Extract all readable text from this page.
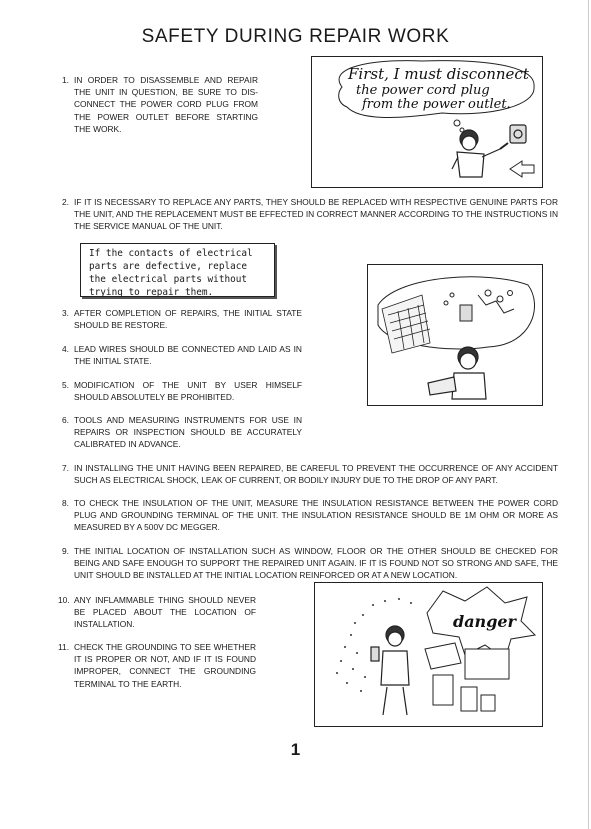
SAFETY DURING REPAIR WORK
1. IN ORDER TO DISASSEMBLE AND REPAIR THE UNIT IN QUESTION, BE SURE TO DIS-CONNECT THE POWER CORD PLUG FROM THE POWER OUTLET BEFORE STARTING THE WORK.
First, I must disconnect
the power cord plug
from the power outlet.
2. IF IT IS NECESSARY TO REPLACE ANY PARTS, THEY SHOULD BE REPLACED WITH RESPECTIVE GENUINE PARTS FOR THE UNIT, AND THE REPLACEMENT MUST BE EFFECTED IN CORRECT MANNER ACCORDING TO THE INSTRUCTIONS IN THE SERVICE MANUAL OF THE UNIT.
If the contacts of electrical
parts are defective, replace
the electrical parts without
trying to repair them.
3. AFTER COMPLETION OF REPAIRS, THE INITIAL STATE SHOULD BE RESTORE.
4. LEAD WIRES SHOULD BE CONNECTED AND LAID AS IN THE INITIAL STATE.
5. MODIFICATION OF THE UNIT BY USER HIMSELF SHOULD ABSOLUTELY BE PROHIBITED.
6. TOOLS AND MEASURING INSTRUMENTS FOR USE IN REPAIRS OR INSPECTION SHOULD BE ACCURATELY CALIBRATED IN ADVANCE.
7. IN INSTALLING THE UNIT HAVING BEEN REPAIRED, BE CAREFUL TO PREVENT THE OCCURRENCE OF ANY ACCIDENT SUCH AS ELECTRICAL SHOCK, LEAK OF CURRENT, OR BODILY INJURY DUE TO THE DROP OF ANY PART.
8. TO CHECK THE INSULATION OF THE UNIT, MEASURE THE INSULATION RESISTANCE BETWEEN THE POWER CORD PLUG AND GROUNDING TERMINAL OF THE UNIT. THE INSULATION RESISTANCE SHOULD BE 1M OHM OR MORE AS MEASURED BY A 500V DC MEGGER.
9. THE INITIAL LOCATION OF INSTALLATION SUCH AS WINDOW, FLOOR OR THE OTHER SHOULD BE CHECKED FOR BEING AND SAFE ENOUGH TO SUPPORT THE REPAIRED UNIT AGAIN. IF IT IS FOUND NOT SO STRONG AND SAFE, THE UNIT SHOULD BE INSTALLED AT THE INITIAL LOCATION REINFORCED OR AT A NEW LOCATION.
10. ANY INFLAMMABLE THING SHOULD NEVER BE PLACED ABOUT THE LOCATION OF INSTALLATION.
11. CHECK THE GROUNDING TO SEE WHETHER IT IS PROPER OR NOT, AND IF IT IS FOUND IMPROPER, CONNECT THE GROUNDING TERMINAL TO THE EARTH.
danger
1
